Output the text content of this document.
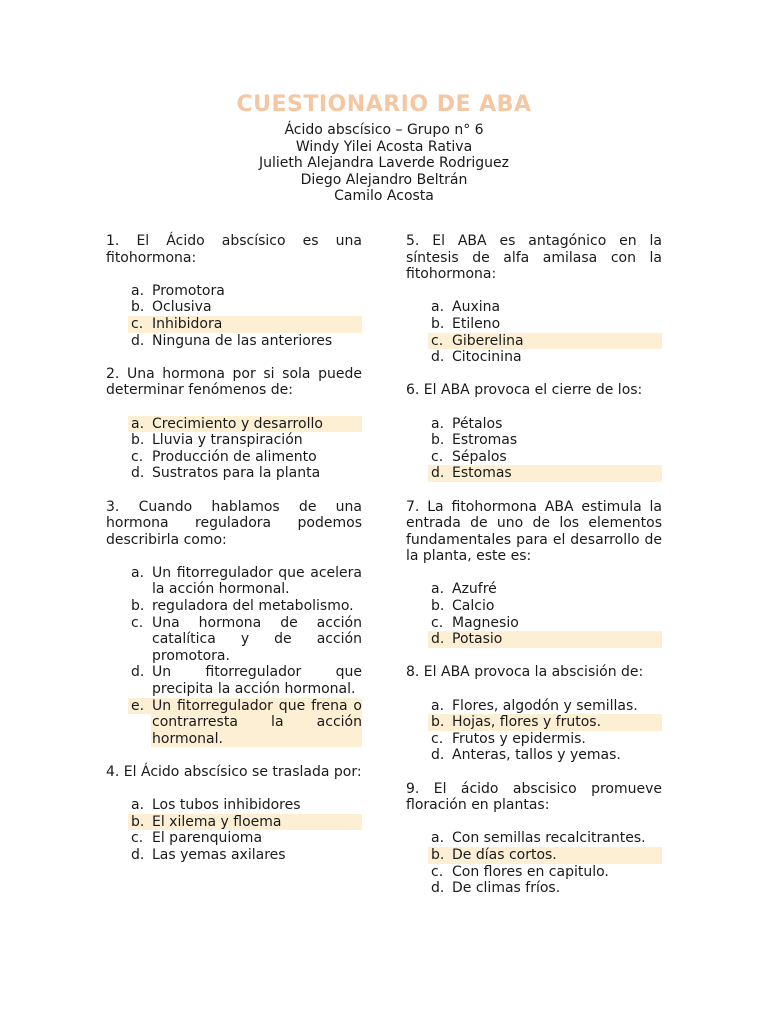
CUESTIONARIO DE ABA
Ácido abscísico – Grupo n° 6
Windy Yilei Acosta Rativa
Julieth Alejandra Laverde Rodriguez
Diego Alejandro Beltrán
Camilo Acosta
1. El Ácido abscísico es una fitohormona:
a. Promotora
b. Oclusiva
c. Inhibidora
d. Ninguna de las anteriores
2. Una hormona por si sola puede determinar fenómenos de:
a. Crecimiento y desarrollo
b. Lluvia y transpiración
c. Producción de alimento
d. Sustratos para la planta
3. Cuando hablamos de una hormona reguladora podemos describirla como:
a. Un fitorregulador que acelera la acción hormonal.
b. reguladora del metabolismo.
c. Una hormona de acción catalítica y de acción promotora.
d. Un fitorregulador que precipita la acción hormonal.
e. Un fitorregulador que frena o contrarresta la acción hormonal.
4. El Ácido abscísico se traslada por:
a. Los tubos inhibidores
b. El xilema y floema
c. El parenquioma
d. Las yemas axilares
5. El ABA es antagónico en la síntesis de alfa amilasa con la fitohormona:
a. Auxina
b. Etileno
c. Giberelina
d. Citocinina
6. El ABA provoca el cierre de los:
a. Pétalos
b. Estromas
c. Sépalos
d. Estomas
7. La fitohormona ABA estimula la entrada de uno de los elementos fundamentales para el desarrollo de la planta, este es:
a. Azufré
b. Calcio
c. Magnesio
d. Potasio
8. El ABA provoca la abscisión de:
a. Flores, algodón y semillas.
b. Hojas, flores y frutos.
c. Frutos y epidermis.
d. Anteras, tallos y yemas.
9. El ácido abscisico promueve floración en plantas:
a. Con semillas recalcitrantes.
b. De días cortos.
c. Con flores en capitulo.
d. De climas fríos.
